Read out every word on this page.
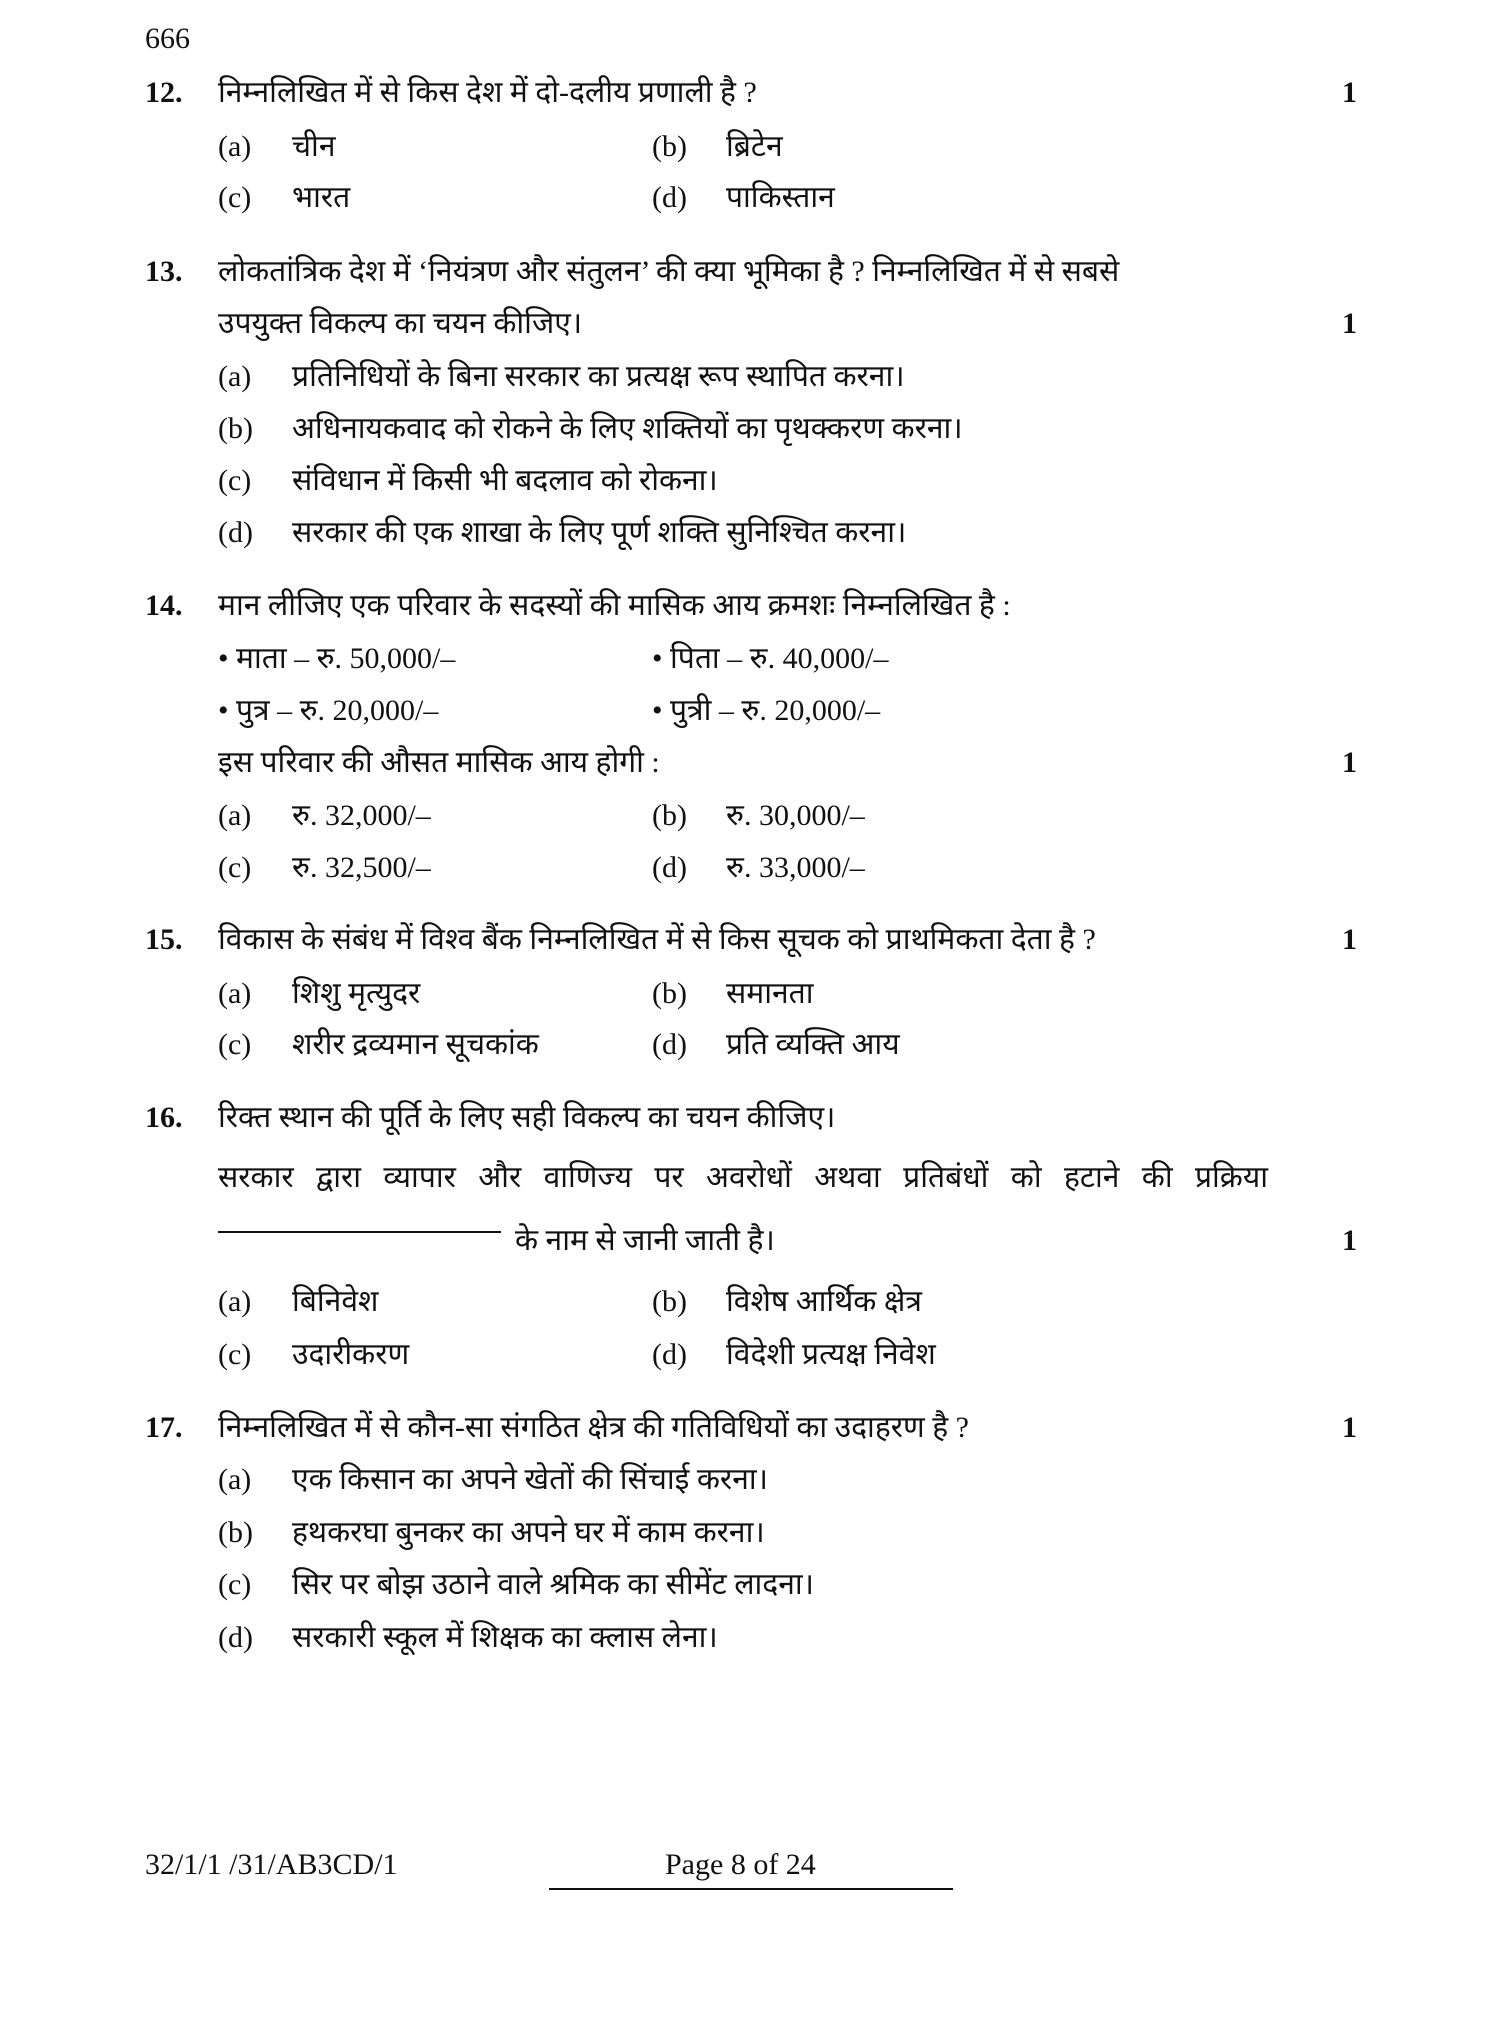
666
12. निम्नलिखित में से किस देश में दो-दलीय प्रणाली है ?	1
(a) चीन	(b) ब्रिटेन
(c) भारत	(d) पाकिस्तान
13. लोकतांत्रिक देश में ‘नियंत्रण और संतुलन’ की क्या भूमिका है ? निम्नलिखित में से सबसे
उपयुक्त विकल्प का चयन कीजिए।	1
(a) प्रतिनिधियों के बिना सरकार का प्रत्यक्ष रूप स्थापित करना।
(b) अधिनायकवाद को रोकने के लिए शक्तियों का पृथक्करण करना।
(c) संविधान में किसी भी बदलाव को रोकना।
(d) सरकार की एक शाखा के लिए पूर्ण शक्ति सुनिश्चित करना।
14. मान लीजिए एक परिवार के सदस्यों की मासिक आय क्रमशः निम्नलिखित है :
• माता – रु. 50,000/–	• पिता – रु. 40,000/–
• पुत्र – रु. 20,000/–	• पुत्री – रु. 20,000/–
इस परिवार की औसत मासिक आय होगी :	1
(a) रु. 32,000/–	(b) रु. 30,000/–
(c) रु. 32,500/–	(d) रु. 33,000/–
15. विकास के संबंध में विश्व बैंक निम्नलिखित में से किस सूचक को प्राथमिकता देता है ?	1
(a) शिशु मृत्युदर	(b) समानता
(c) शरीर द्रव्यमान सूचकांक	(d) प्रति व्यक्ति आय
16. रिक्त स्थान की पूर्ति के लिए सही विकल्प का चयन कीजिए।
सरकार द्वारा व्यापार और वाणिज्य पर अवरोधों अथवा प्रतिबंधों को हटाने की प्रक्रिया
के नाम से जानी जाती है।	1
(a) बिनिवेश	(b) विशेष आर्थिक क्षेत्र
(c) उदारीकरण	(d) विदेशी प्रत्यक्ष निवेश
17. निम्नलिखित में से कौन-सा संगठित क्षेत्र की गतिविधियों का उदाहरण है ?	1
(a) एक किसान का अपने खेतों की सिंचाई करना।
(b) हथकरघा बुनकर का अपने घर में काम करना।
(c) सिर पर बोझ उठाने वाले श्रमिक का सीमेंट लादना।
(d) सरकारी स्कूल में शिक्षक का क्लास लेना।
32/1/1 /31/AB3CD/1	Page 8 of 24
